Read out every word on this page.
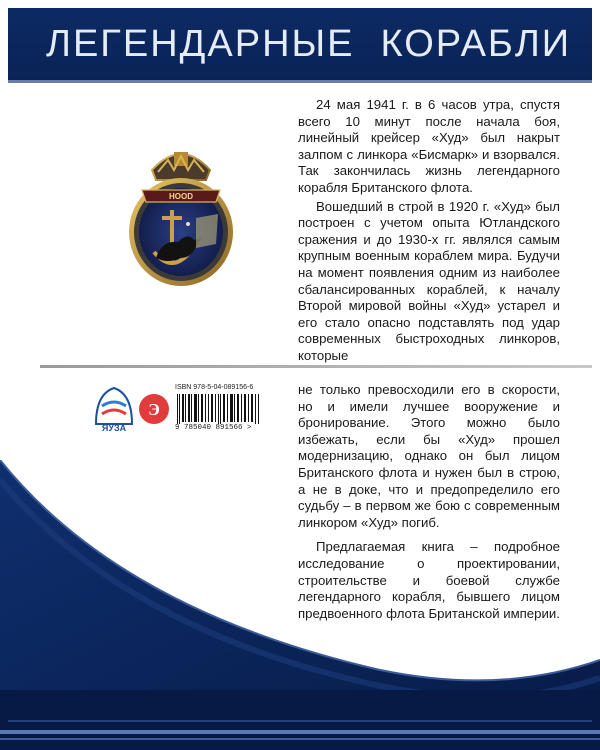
ЛЕГЕНДАРНЫЕ КОРАБЛИ
HOOD

24 мая 1941 г. в 6 часов утра, спустя всего 10 минут после начала боя, линейный крейсер «Худ» был накрыт залпом с линкора «Бисмарк» и взорвался. Так закончилась жизнь легендарного корабля Британского флота.

Вошедший в строй в 1920 г. «Худ» был построен с учетом опыта Ютландского сражения и до 1930-х гг. являлся самым крупным военным кораблем мира. Будучи на момент появления одним из наиболее сбалансированных кораблей, к началу Второй мировой войны «Худ» устарел и его стало опасно подставлять под удар современных быстроходных линкоров, которые

ЯУЗА
Э
ISBN 978-5-04-089156-6
9 785040 891566 >

не только превосходили его в скорости, но и имели лучшее вооружение и бронирование. Этого можно было избежать, если бы «Худ» прошел модернизацию, однако он был лицом Британского флота и нужен был в строю, а не в доке, что и предопределило его судьбу – в первом же бою с современным линкором «Худ» погиб.

Предлагаемая книга – подробное исследование о проектировании, строительстве и боевой службе легендарного корабля, бывшего лицом предвоенного флота Британской империи.
